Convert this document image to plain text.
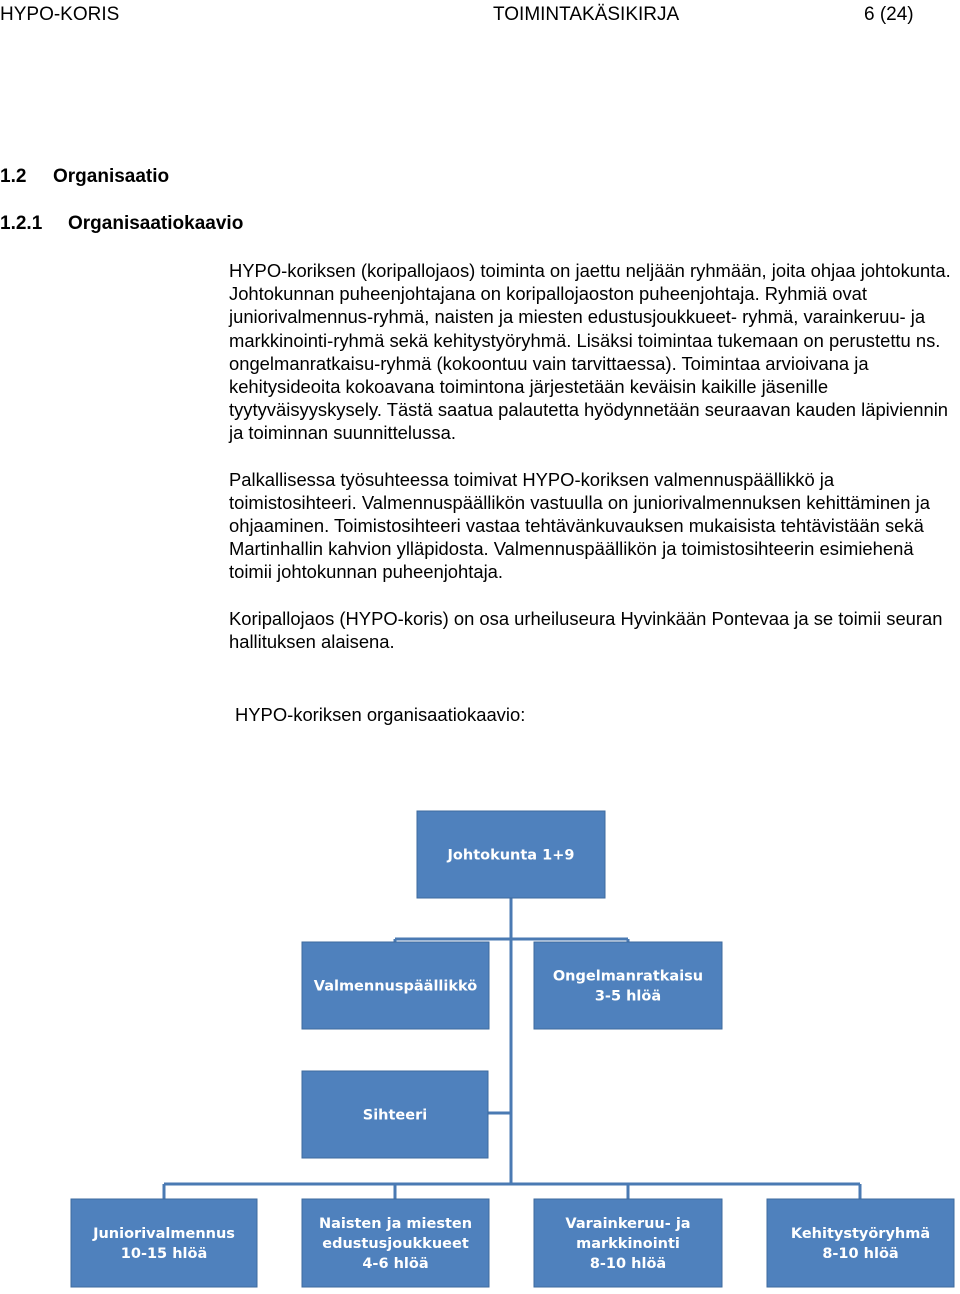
HYPO-KORIS	TOIMINTAKÄSIKIRJA	6 (24)
1.2 Organisaatio
1.2.1 Organisaatiokaavio

HYPO-koriksen (koripallojaos) toiminta on jaettu neljään ryhmään, joita ohjaa johtokunta. Johtokunnan puheenjohtajana on koripallojaoston puheenjohtaja. Ryhmiä ovat juniorivalmennus-ryhmä, naisten ja miesten edustusjoukkueet- ryhmä, varainkeruu- ja markkinointi-ryhmä sekä kehitystyöryhmä. Lisäksi toimintaa tukemaan on perustettu ns. ongelmanratkaisu-ryhmä (kokoontuu vain tarvittaessa). Toimintaa arvioivana ja kehitysideoita kokoavana toimintona järjestetään keväisin kaikille jäsenille tyytyväisyyskysely. Tästä saatua palautetta hyödynnetään seuraavan kauden läpiviennin ja toiminnan suunnittelussa.

Palkallisessa työsuhteessa toimivat HYPO-koriksen valmennuspäällikkö ja toimistosihteeri. Valmennuspäällikön vastuulla on juniorivalmennuksen kehittäminen ja ohjaaminen. Toimistosihteeri vastaa tehtävänkuvauksen mukaisista tehtävistään sekä Martinhallin kahvion ylläpidosta. Valmennuspäällikön ja toimistosihteerin esimiehenä toimii johtokunnan puheenjohtaja.

Koripallojaos (HYPO-koris) on osa urheiluseura Hyvinkään Pontevaa ja se toimii seuran hallituksen alaisena.

HYPO-koriksen organisaatiokaavio:
Johtokunta 1+9
Valmennuspäällikkö
Ongelmanratkaisu
3-5 hlöä
Sihteeri
Juniorivalmennus
10-15 hlöä
Naisten ja miesten
edustusjoukkueet
4-6 hlöä
Varainkeruu- ja
markkinointi
8-10 hlöä
Kehitystyöryhmä
8-10 hlöä
